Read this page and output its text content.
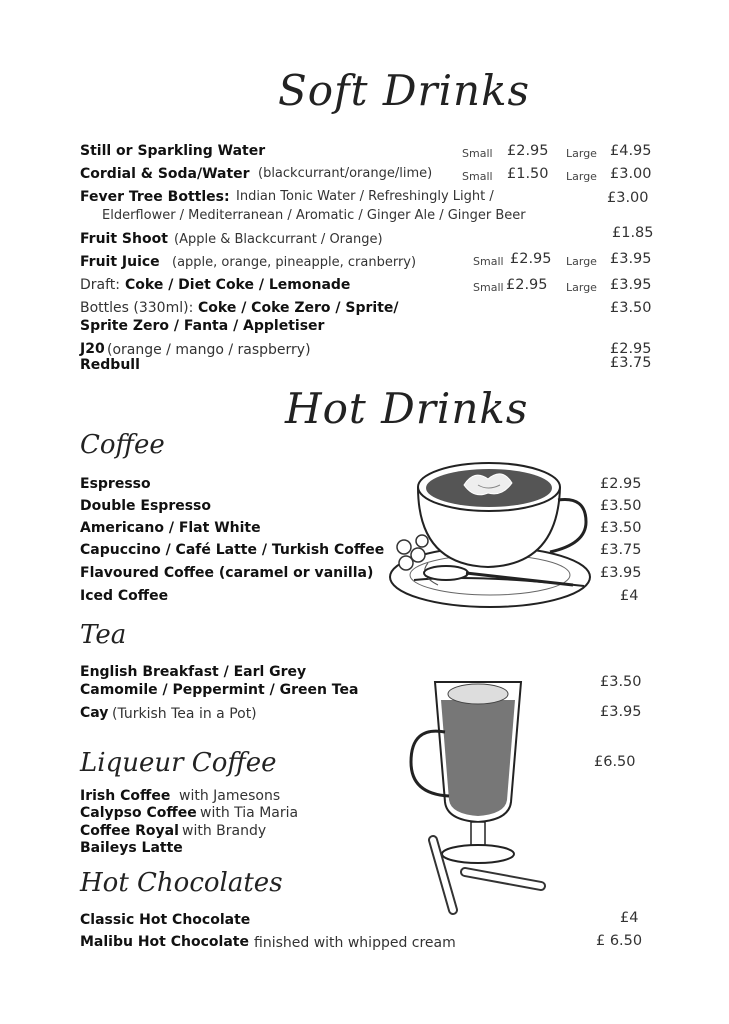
Soft Drinks
Still or Sparkling Water	Small £2.95 Large £4.95
Cordial & Soda/Water (blackcurrant/orange/lime)	Small £1.50 Large £3.00
Fever Tree Bottles: Indian Tonic Water / Refreshingly Light /
Elderflower / Mediterranean / Aromatic / Ginger Ale / Ginger Beer
£3.00
Fruit Shoot (Apple & Blackcurrant / Orange)	£1.85
Fruit Juice (apple, orange, pineapple, cranberry)	Small £2.95 Large £3.95
Draft: Coke / Diet Coke / Lemonade	Small £2.95 Large £3.95
Bottles (330ml): Coke / Coke Zero / Sprite/
Sprite Zero / Fanta / Appletiser
£3.50
J20 (orange / mango / raspberry)	£2.95
Redbull	£3.75
Hot Drinks
Coffee
Espresso	£2.95
Double Espresso	£3.50
Americano / Flat White	£3.50
Capuccino / Café Latte / Turkish Coffee	£3.75
Flavoured Coffee (caramel or vanilla)	£3.95
Iced Coffee	£4
Tea
English Breakfast / Earl Grey
Camomile / Peppermint / Green Tea	£3.50
Cay (Turkish Tea in a Pot)	£3.95
Liqueur Coffee	£6.50
Irish Coffee with Jamesons
Calypso Coffee with Tia Maria
Coffee Royal with Brandy
Baileys Latte
Hot Chocolates
Classic Hot Chocolate	£4
Malibu Hot Chocolate finished with whipped cream	£ 6.50
